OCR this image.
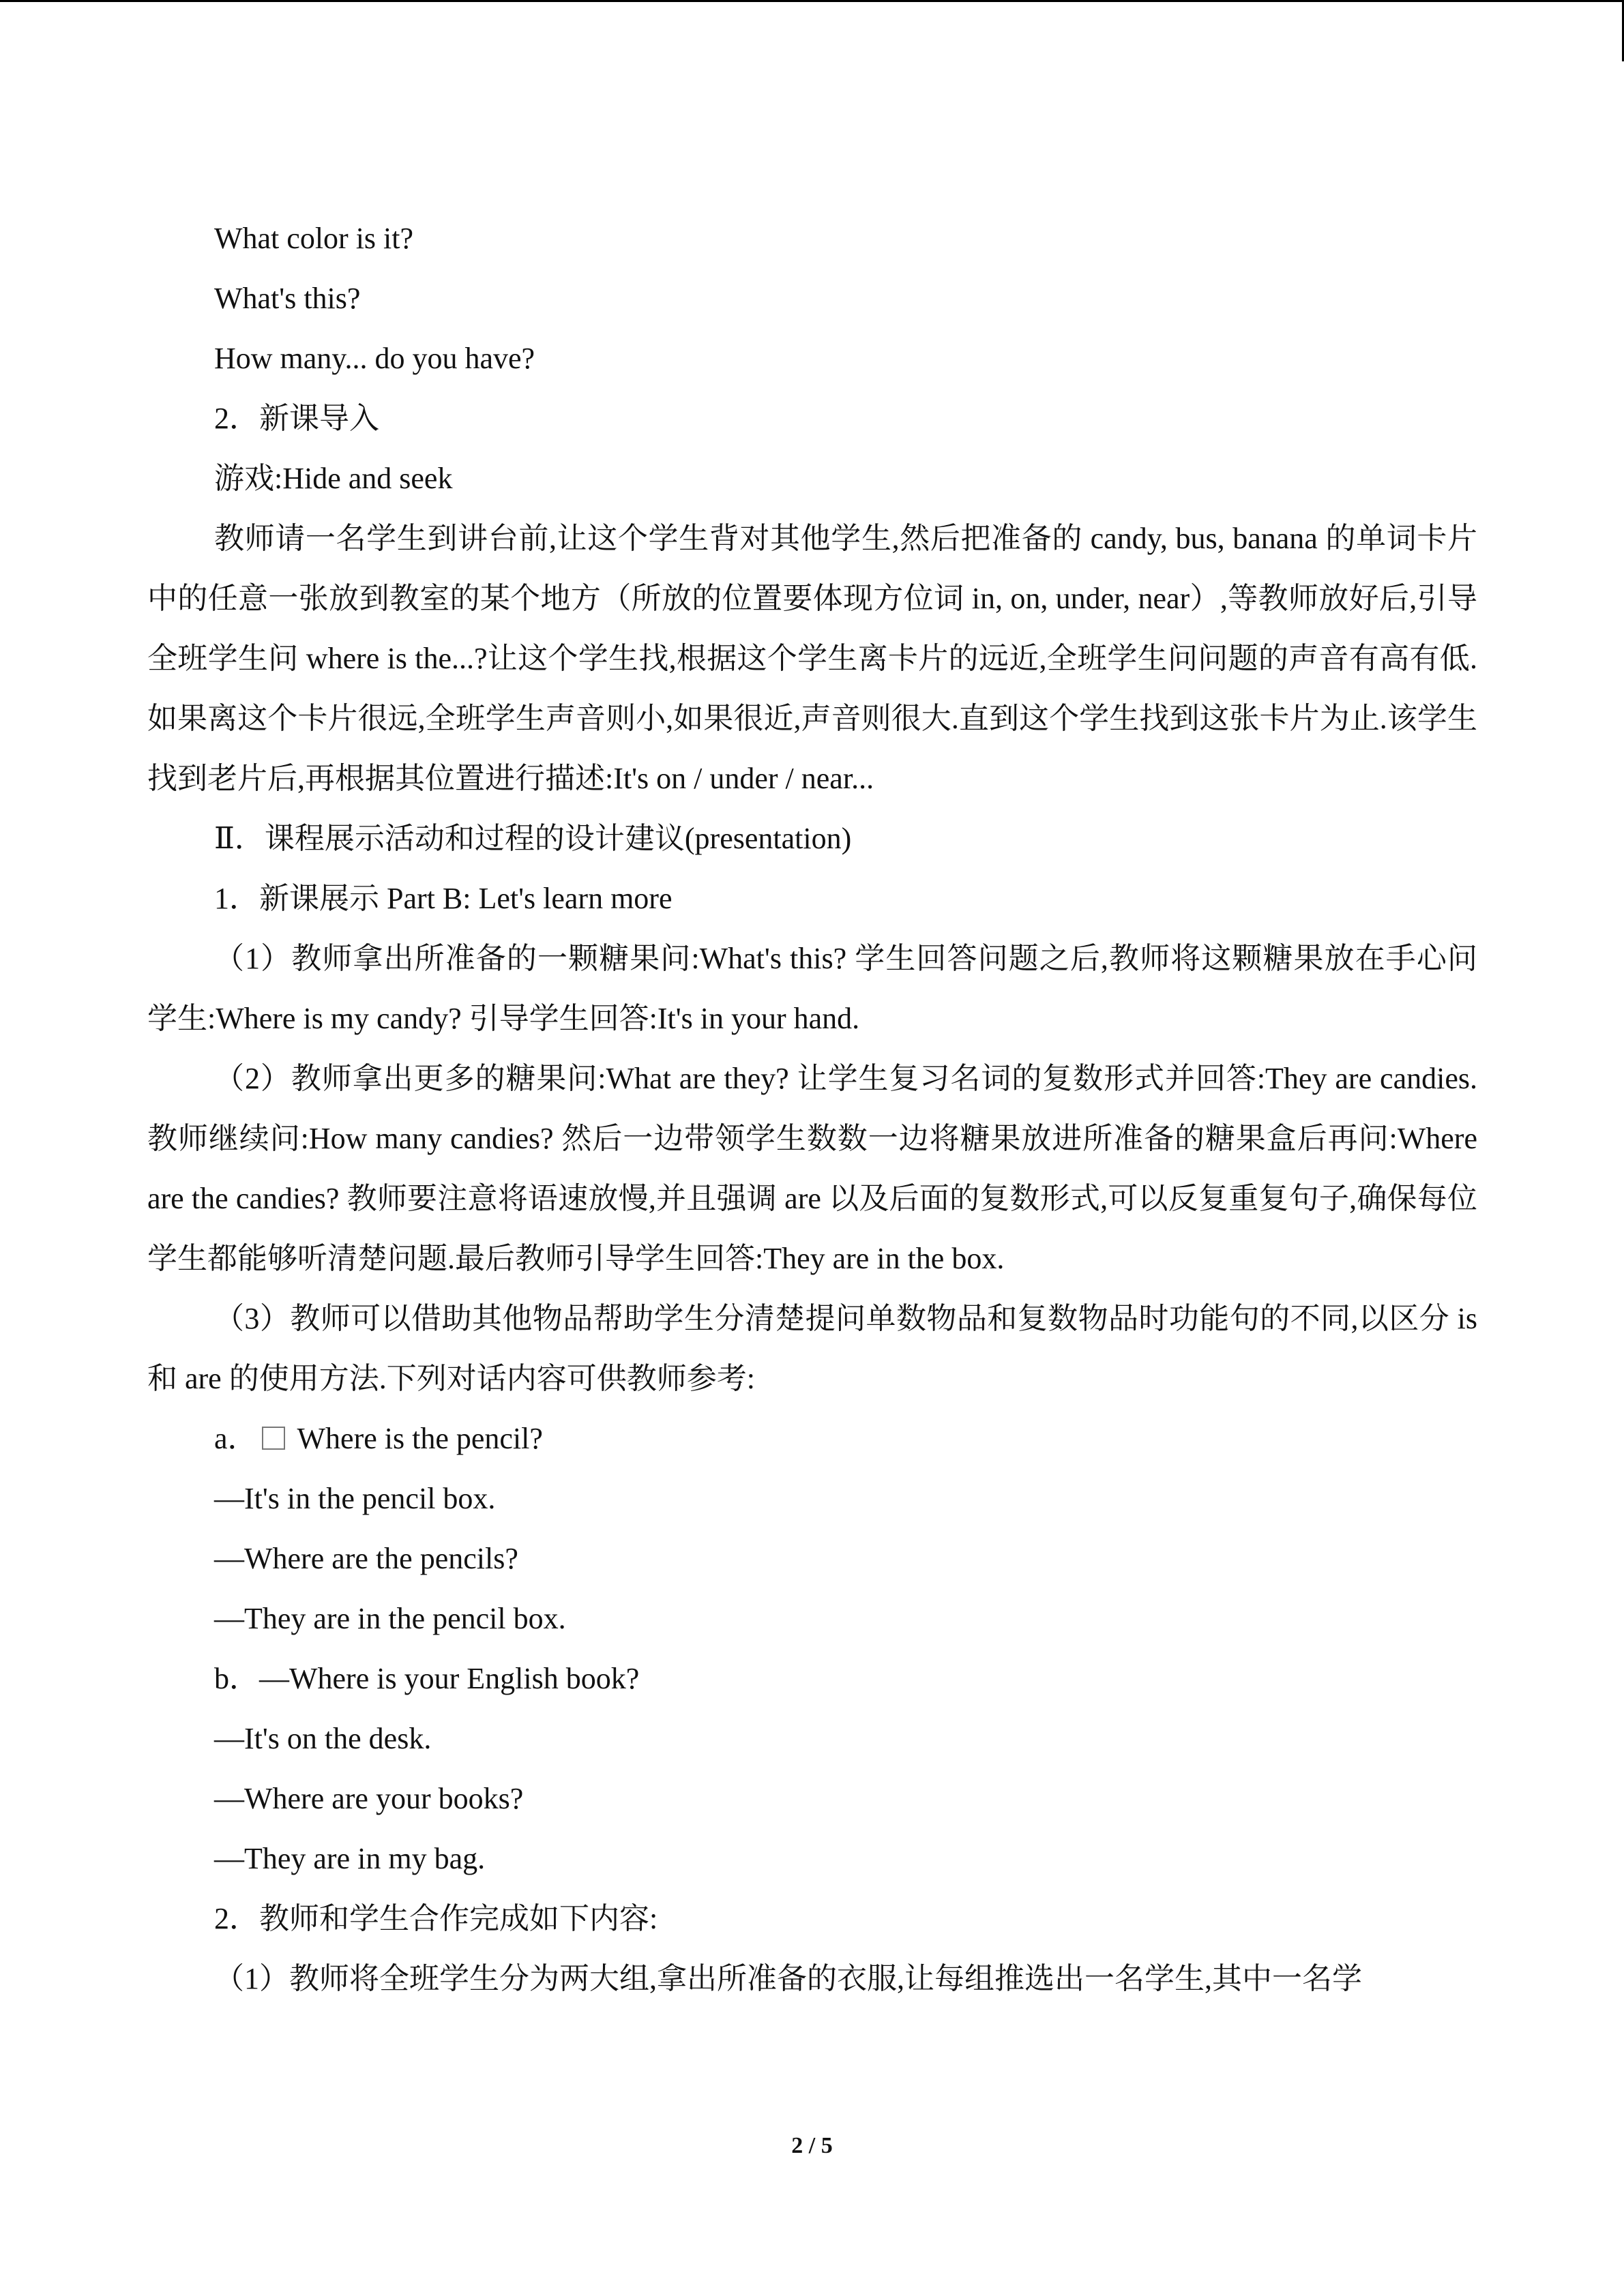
What color is it?

What's this?

How many... do you have?

2．新课导入

游戏:Hide and seek

教师请一名学生到讲台前,让这个学生背对其他学生,然后把准备的 candy, bus, banana 的单词卡片中的任意一张放到教室的某个地方（所放的位置要体现方位词 in, on, under, near）,等教师放好后,引导全班学生问 where is the...?让这个学生找,根据这个学生离卡片的远近,全班学生问问题的声音有高有低.如果离这个卡片很远,全班学生声音则小,如果很近,声音则很大.直到这个学生找到这张卡片为止.该学生找到老片后,再根据其位置进行描述:It's on / under / near...

Ⅱ．课程展示活动和过程的设计建议(presentation)

1．新课展示 Part B: Let's learn more

（1）教师拿出所准备的一颗糖果问:What's this? 学生回答问题之后,教师将这颗糖果放在手心问学生:Where is my candy? 引导学生回答:It's in your hand.

（2）教师拿出更多的糖果问:What are they? 让学生复习名词的复数形式并回答:They are candies. 教师继续问:How many candies? 然后一边带领学生数数一边将糖果放进所准备的糖果盒后再问:Where are the candies? 教师要注意将语速放慢,并且强调 are 以及后面的复数形式,可以反复重复句子,确保每位学生都能够听清楚问题.最后教师引导学生回答:They are in the box.

（3）教师可以借助其他物品帮助学生分清楚提问单数物品和复数物品时功能句的不同,以区分 is 和 are 的使用方法.下列对话内容可供教师参考:

a． Where is the pencil?

—It's in the pencil box.

—Where are the pencils?

—They are in the pencil box.

b．—Where is your English book?

—It's on the desk.

—Where are your books?

—They are in my bag.

2．教师和学生合作完成如下内容:

（1）教师将全班学生分为两大组,拿出所准备的衣服,让每组推选出一名学生,其中一名学

2 / 5
